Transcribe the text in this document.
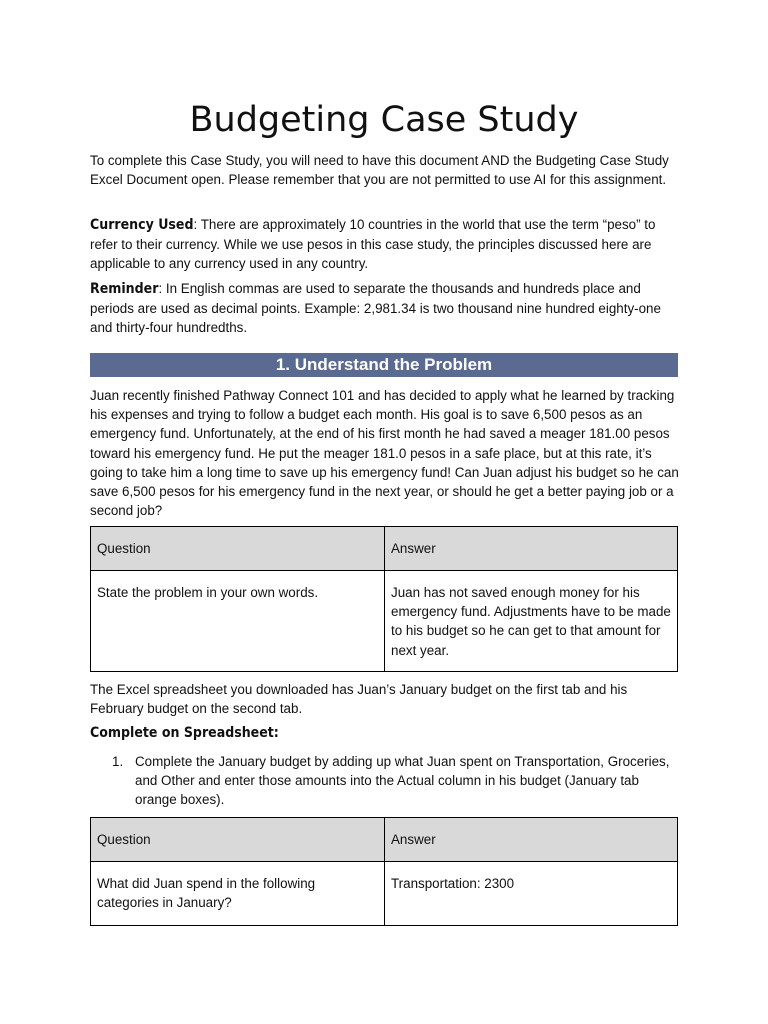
Budgeting Case Study

To complete this Case Study, you will need to have this document AND the Budgeting Case Study Excel Document open. Please remember that you are not permitted to use AI for this assignment.

Currency Used: There are approximately 10 countries in the world that use the term “peso” to refer to their currency. While we use pesos in this case study, the principles discussed here are applicable to any currency used in any country.

Reminder: In English commas are used to separate the thousands and hundreds place and periods are used as decimal points. Example: 2,981.34 is two thousand nine hundred eighty-one and thirty-four hundredths.

1. Understand the Problem

Juan recently finished Pathway Connect 101 and has decided to apply what he learned by tracking his expenses and trying to follow a budget each month. His goal is to save 6,500 pesos as an emergency fund. Unfortunately, at the end of his first month he had saved a meager 181.00 pesos toward his emergency fund. He put the meager 181.0 pesos in a safe place, but at this rate, it’s going to take him a long time to save up his emergency fund! Can Juan adjust his budget so he can save 6,500 pesos for his emergency fund in the next year, or should he get a better paying job or a second job?

Question	Answer
State the problem in your own words.	Juan has not saved enough money for his emergency fund. Adjustments have to be made to his budget so he can get to that amount for next year.

The Excel spreadsheet you downloaded has Juan’s January budget on the first tab and his February budget on the second tab.

Complete on Spreadsheet:
1. Complete the January budget by adding up what Juan spent on Transportation, Groceries, and Other and enter those amounts into the Actual column in his budget (January tab orange boxes).
Question	Answer
What did Juan spend in the following categories in January?	Transportation: 2300
